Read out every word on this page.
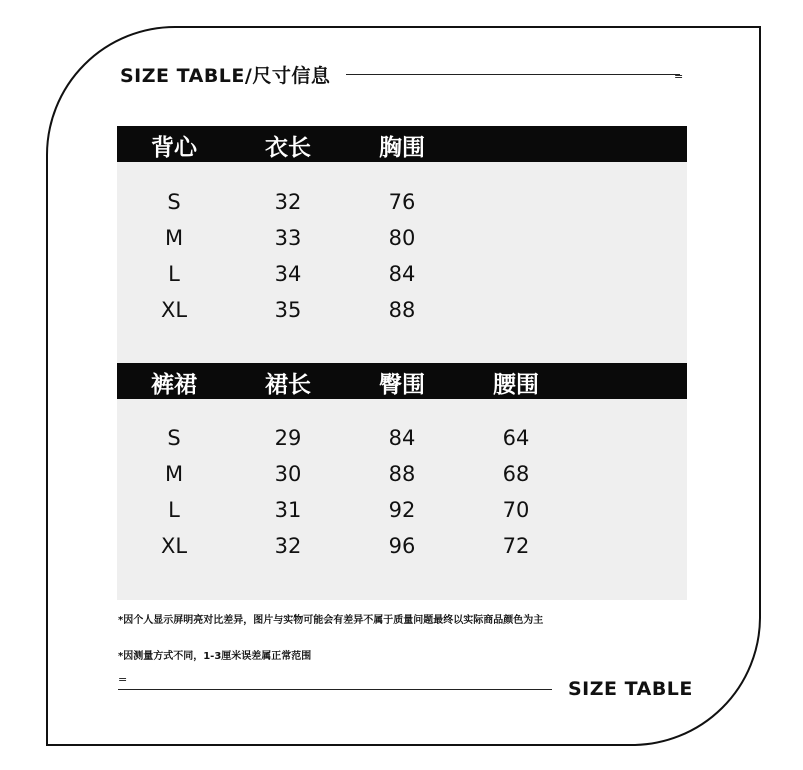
SIZE TABLE/尺寸信息	=
背心	衣长	胸围
S	32	76
M	33	80
L	34	84
XL	35	88
裤裙	裙长	臀围	腰围
S	29	84	64
M	30	88	68
L	31	92	70
XL	32	96	72
*因个人显示屏明亮对比差异，图片与实物可能会有差异不属于质量问题最终以实际商品颜色为主
*因测量方式不同，1-3厘米误差属正常范围
=	SIZE TABLE
